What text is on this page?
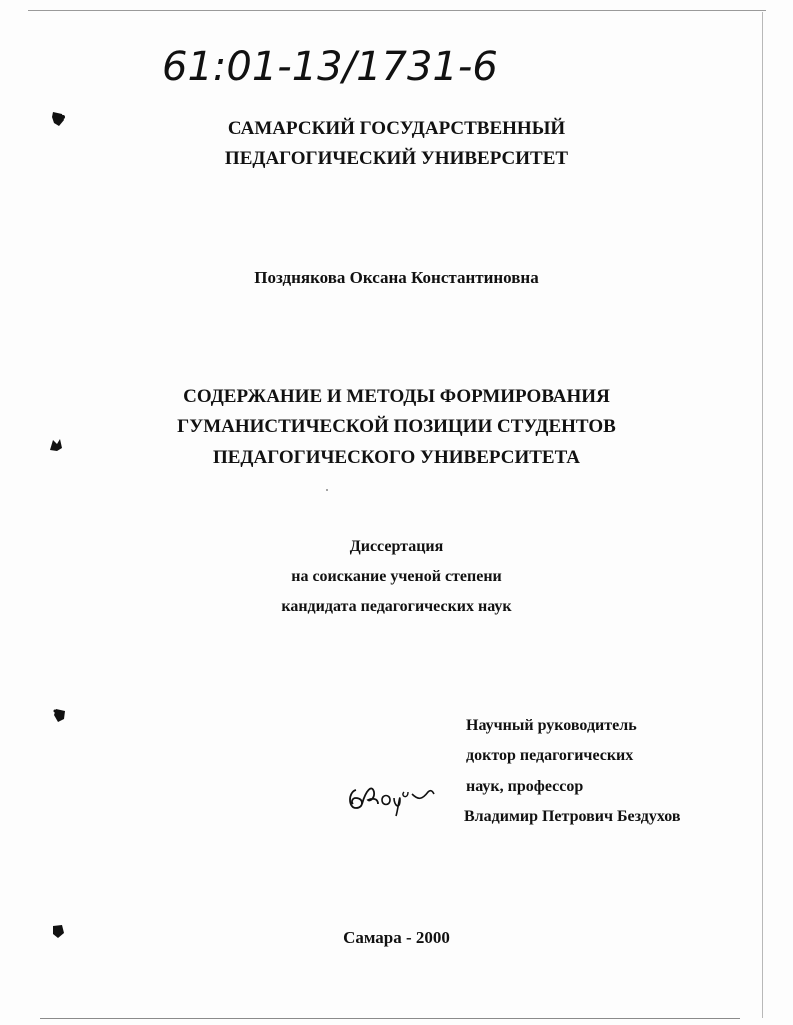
61:01-13/1731-6
САМАРСКИЙ ГОСУДАРСТВЕННЫЙ
ПЕДАГОГИЧЕСКИЙ УНИВЕРСИТЕТ
Позднякова Оксана Константиновна
СОДЕРЖАНИЕ И МЕТОДЫ ФОРМИРОВАНИЯ
ГУМАНИСТИЧЕСКОЙ ПОЗИЦИИ СТУДЕНТОВ
ПЕДАГОГИЧЕСКОГО УНИВЕРСИТЕТА
Диссертация
на соискание ученой степени
кандидата педагогических наук
Научный руководитель
доктор педагогических
наук, профессор
Владимир Петрович Бездухов
Самара - 2000
